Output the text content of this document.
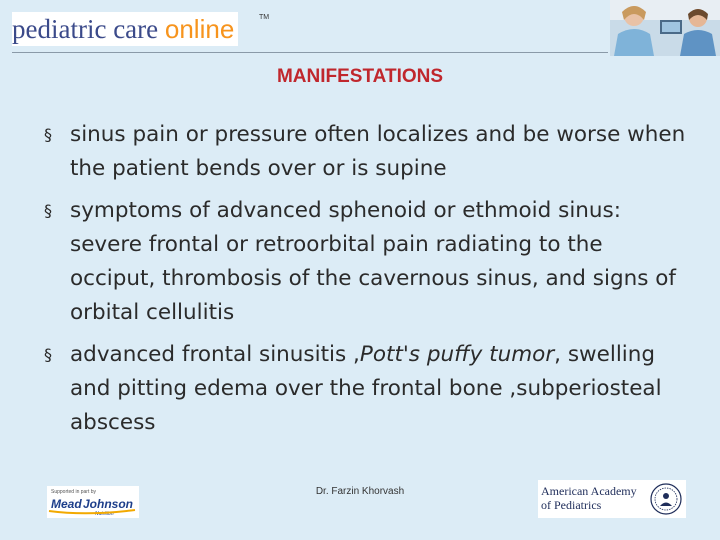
pediatric care online	TM
MANIFESTATIONS
§ sinus pain or pressure often localizes and be worse when the patient bends over or is supine
§ symptoms of advanced sphenoid or ethmoid sinus: severe frontal or retroorbital pain radiating to the occiput, thrombosis of the cavernous sinus, and signs of orbital cellulitis
§ advanced frontal sinusitis ,Pott's puffy tumor, swelling and pitting edema over the frontal bone ,subperiosteal abscess
Supported in part by
Mead Johnson
Nutrition
Dr. Farzin Khorvash	American Academy
of Pediatrics
